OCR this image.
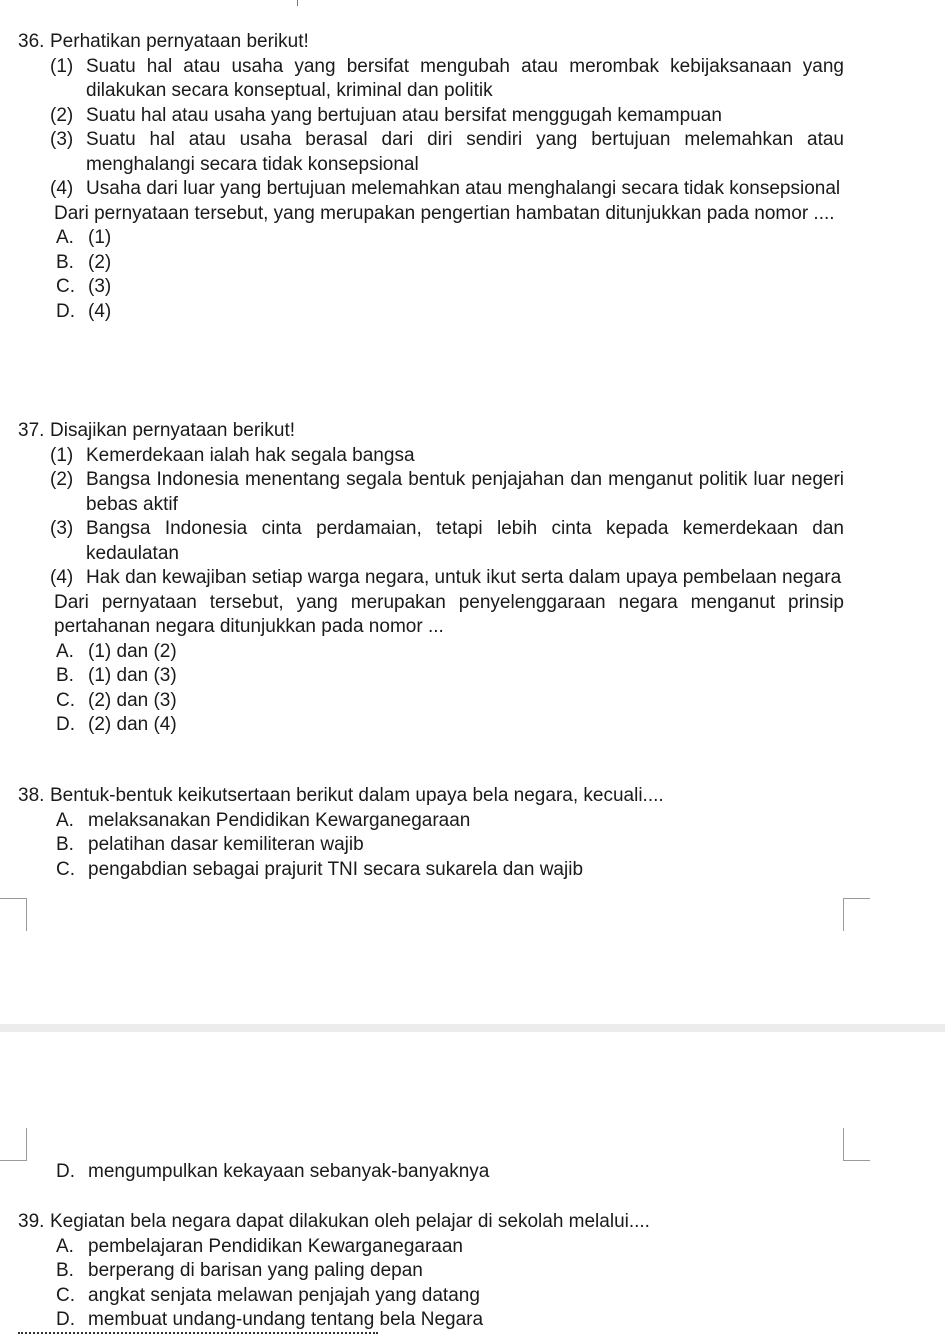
36. Perhatikan pernyataan berikut!
(1) Suatu hal atau usaha yang bersifat mengubah atau merombak kebijaksanaan yang dilakukan secara konseptual, kriminal dan politik
(2) Suatu hal atau usaha yang bertujuan atau bersifat menggugah kemampuan
(3) Suatu hal atau usaha berasal dari diri sendiri yang bertujuan melemahkan atau menghalangi secara tidak konsepsional
(4) Usaha dari luar yang bertujuan melemahkan atau menghalangi secara tidak konsepsional
Dari pernyataan tersebut, yang merupakan pengertian hambatan ditunjukkan pada nomor ....
A. (1)
B. (2)
C. (3)
D. (4)
37. Disajikan pernyataan berikut!
(1) Kemerdekaan ialah hak segala bangsa
(2) Bangsa Indonesia menentang segala bentuk penjajahan dan menganut politik luar negeri bebas aktif
(3) Bangsa Indonesia cinta perdamaian, tetapi lebih cinta kepada kemerdekaan dan kedaulatan
(4) Hak dan kewajiban setiap warga negara, untuk ikut serta dalam upaya pembelaan negara
Dari pernyataan tersebut, yang merupakan penyelenggaraan negara menganut prinsip pertahanan negara ditunjukkan pada nomor ...
A. (1) dan (2)
B. (1) dan (3)
C. (2) dan (3)
D. (2) dan (4)
38. Bentuk-bentuk keikutsertaan berikut dalam upaya bela negara, kecuali....
A. melaksanakan Pendidikan Kewarganegaraan
B. pelatihan dasar kemiliteran wajib
C. pengabdian sebagai prajurit TNI secara sukarela dan wajib
D. mengumpulkan kekayaan sebanyak-banyaknya
39. Kegiatan bela negara dapat dilakukan oleh pelajar di sekolah melalui....
A. pembelajaran Pendidikan Kewarganegaraan
B. berperang di barisan yang paling depan
C. angkat senjata melawan penjajah yang datang
D. membuat undang-undang tentang bela Negara
